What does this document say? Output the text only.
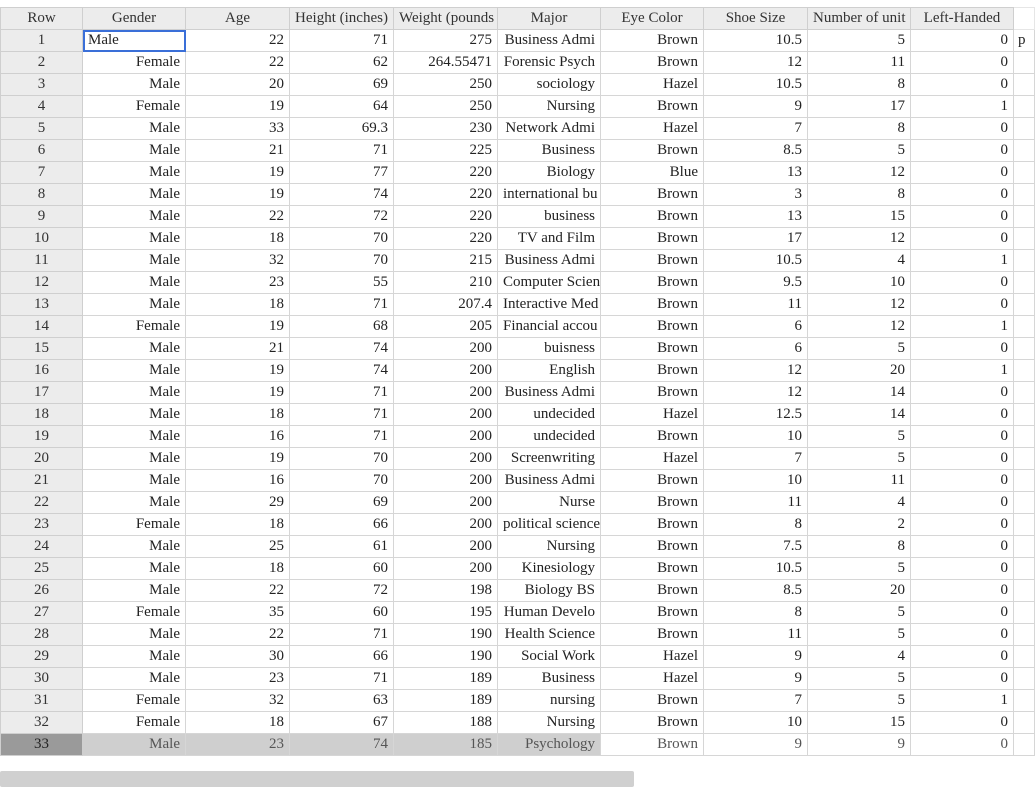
Row	Gender	Age	Height (inches)	Weight (pounds	Major	Eye Color	Shoe Size	Number of unit	Left-Handed	
1	Male	22	71	275	Business Admi	Brown	10.5	5	0	p
2	Female	22	62	264.55471	Forensic Psych	Brown	12	11	0	
3	Male	20	69	250	sociology	Hazel	10.5	8	0	
4	Female	19	64	250	Nursing	Brown	9	17	1	
5	Male	33	69.3	230	Network Admi	Hazel	7	8	0	
6	Male	21	71	225	Business	Brown	8.5	5	0	
7	Male	19	77	220	Biology	Blue	13	12	0	
8	Male	19	74	220	international bu	Brown	3	8	0	
9	Male	22	72	220	business	Brown	13	15	0	
10	Male	18	70	220	TV and Film	Brown	17	12	0	
11	Male	32	70	215	Business Admi	Brown	10.5	4	1	
12	Male	23	55	210	Computer Scien	Brown	9.5	10	0	
13	Male	18	71	207.4	Interactive Med	Brown	11	12	0	
14	Female	19	68	205	Financial accou	Brown	6	12	1	
15	Male	21	74	200	buisness	Brown	6	5	0	
16	Male	19	74	200	English	Brown	12	20	1	
17	Male	19	71	200	Business Admi	Brown	12	14	0	
18	Male	18	71	200	undecided	Hazel	12.5	14	0	
19	Male	16	71	200	undecided	Brown	10	5	0	
20	Male	19	70	200	Screenwriting	Hazel	7	5	0	
21	Male	16	70	200	Business Admi	Brown	10	11	0	
22	Male	29	69	200	Nurse	Brown	11	4	0	
23	Female	18	66	200	political science	Brown	8	2	0	
24	Male	25	61	200	Nursing	Brown	7.5	8	0	
25	Male	18	60	200	Kinesiology	Brown	10.5	5	0	
26	Male	22	72	198	Biology BS	Brown	8.5	20	0	
27	Female	35	60	195	Human Develo	Brown	8	5	0	
28	Male	22	71	190	Health Science	Brown	11	5	0	
29	Male	30	66	190	Social Work	Hazel	9	4	0	
30	Male	23	71	189	Business	Hazel	9	5	0	
31	Female	32	63	189	nursing	Brown	7	5	1	
32	Female	18	67	188	Nursing	Brown	10	15	0	
33	Male	23	74	185	Psychology	Brown	9	9	0	
